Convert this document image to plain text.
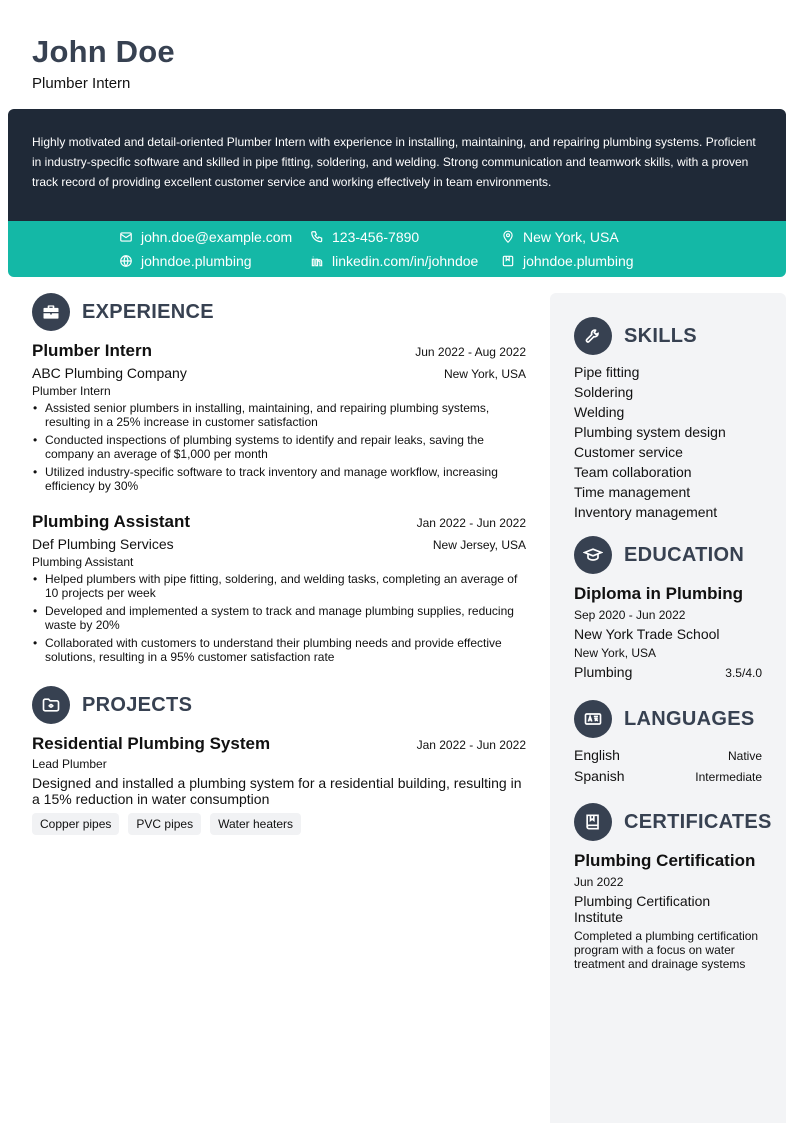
John Doe
Plumber Intern

Highly motivated and detail-oriented Plumber Intern with experience in installing, maintaining, and repairing plumbing systems. Proficient in industry-specific software and skilled in pipe fitting, soldering, and welding. Strong communication and teamwork skills, with a proven track record of providing excellent customer service and working effectively in team environments.

john.doe@example.com	123-456-7890	New York, USA
johndoe.plumbing	linkedin.com/in/johndoe	johndoe.plumbing
EXPERIENCE
Plumber Intern	Jun 2022 - Aug 2022
ABC Plumbing Company	New York, USA
Plumber Intern
• Assisted senior plumbers in installing, maintaining, and repairing plumbing systems, resulting in a 25% increase in customer satisfaction
• Conducted inspections of plumbing systems to identify and repair leaks, saving the company an average of $1,000 per month
• Utilized industry-specific software to track inventory and manage workflow, increasing efficiency by 30%
Plumbing Assistant	Jan 2022 - Jun 2022
Def Plumbing Services	New Jersey, USA
Plumbing Assistant
• Helped plumbers with pipe fitting, soldering, and welding tasks, completing an average of 10 projects per week
• Developed and implemented a system to track and manage plumbing supplies, reducing waste by 20%
• Collaborated with customers to understand their plumbing needs and provide effective solutions, resulting in a 95% customer satisfaction rate
PROJECTS
Residential Plumbing System	Jan 2022 - Jun 2022
Lead Plumber
Designed and installed a plumbing system for a residential building, resulting in a 15% reduction in water consumption
Copper pipes	PVC pipes	Water heaters
SKILLS
Pipe fitting
Soldering
Welding
Plumbing system design
Customer service
Team collaboration
Time management
Inventory management
EDUCATION
Diploma in Plumbing
Sep 2020 - Jun 2022
New York Trade School
New York, USA
Plumbing	3.5/4.0
LANGUAGES
English	Native
Spanish	Intermediate
CERTIFICATES
Plumbing Certification
Jun 2022
Plumbing Certification Institute
Completed a plumbing certification program with a focus on water treatment and drainage systems
